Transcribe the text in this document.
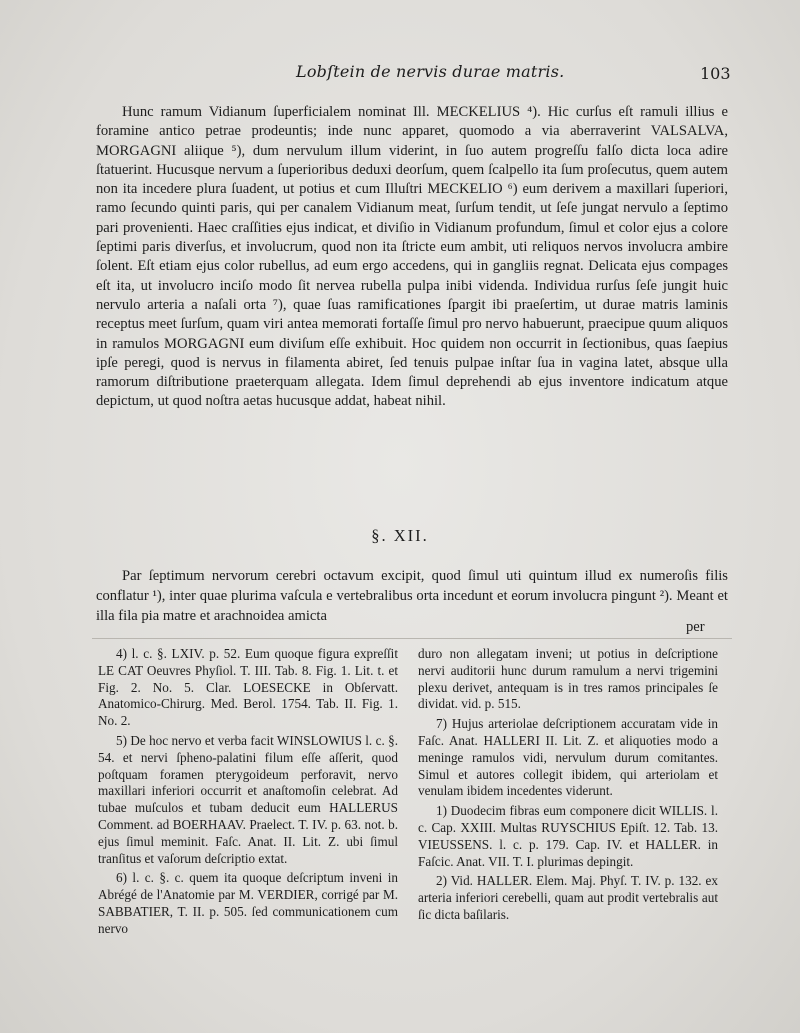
Lobſtein de nervis durae matris.	103

Hunc ramum Vidianum ſuperficialem nominat Ill. MECKELIUS ⁴). Hic curſus eſt ramuli illius e foramine antico petrae prodeuntis; inde nunc apparet, quomodo a via aberraverint VALSALVA, MORGAGNI aliique ⁵), dum nervulum illum viderint, in ſuo autem progreſſu falſo dicta loca adire ſtatuerint. Hucusque nervum a ſuperioribus deduxi deorſum, quem ſcalpello ita ſum proſecutus, quem autem non ita incedere plura ſuadent, ut potius et cum Illuſtri MECKELIO ⁶) eum derivem a maxillari ſuperiori, ramo ſecundo quinti paris, qui per canalem Vidianum meat, ſurſum tendit, ut ſeſe jungat nervulo a ſeptimo pari provenienti. Haec craſſities ejus indicat, et diviſio in Vidianum profundum, ſimul et color ejus a colore ſeptimi paris diverſus, et involucrum, quod non ita ſtricte eum ambit, uti reliquos nervos involucra ambire ſolent. Eſt etiam ejus color rubellus, ad eum ergo accedens, qui in gangliis regnat. Delicata ejus compages eſt ita, ut involucro inciſo modo ſit nervea rubella pulpa inibi videnda. Individua rurſus ſeſe jungit huic nervulo arteria a naſali orta ⁷), quae ſuas ramificationes ſpargit ibi praeſertim, ut durae matris laminis receptus meet ſurſum, quam viri antea memorati fortaſſe ſimul pro nervo habuerunt, praecipue quum aliquos in ramulos MORGAGNI eum diviſum eſſe exhibuit. Hoc quidem non occurrit in ſectionibus, quas ſaepius ipſe peregi, quod is nervus in filamenta abiret, ſed tenuis pulpae inſtar ſua in vagina latet, absque ulla ramorum diſtributione praeterquam allegata. Idem ſimul deprehendi ab ejus inventore indicatum atque depictum, ut quod noſtra aetas hucusque addat, habeat nihil.

§. XII.

Par ſeptimum nervorum cerebri octavum excipit, quod ſimul uti quintum illud ex numeroſis filis conflatur ¹), inter quae plurima vaſcula e vertebralibus orta incedunt et eorum involucra pingunt ²). Meant et illa fila pia matre et arachnoidea amicta

per

4) l. c. §. LXIV. p. 52. Eum quoque figura expreſſit LE CAT Oeuvres Phyſiol. T. III. Tab. 8. Fig. 1. Lit. t. et Fig. 2. No. 5. Clar. LOESECKE in Obſervatt. Anatomico-Chirurg. Med. Berol. 1754. Tab. II. Fig. 1. No. 2.

5) De hoc nervo et verba facit WINSLOWIUS l. c. §. 54. et nervi ſpheno-palatini filum eſſe aſſerit, quod poſtquam foramen pterygoideum perforavit, nervo maxillari inferiori occurrit et anaſtomoſin celebrat. Ad tubae muſculos et tubam deducit eum HALLERUS Comment. ad BOERHAAV. Praelect. T. IV. p. 63. not. b. ejus ſimul meminit. Faſc. Anat. II. Lit. Z. ubi ſimul tranſitus et vaſorum deſcriptio extat.

6) l. c. §. c. quem ita quoque deſcriptum inveni in Abrégé de l'Anatomie par M. VERDIER, corrigé par M. SABBATIER, T. II. p. 505. ſed communicationem cum nervo

duro non allegatam inveni; ut potius in deſcriptione nervi auditorii hunc durum ramulum a nervi trigemini plexu derivet, antequam is in tres ramos principales ſe dividat. vid. p. 515.

7) Hujus arteriolae deſcriptionem accuratam vide in Faſc. Anat. HALLERI II. Lit. Z. et aliquoties modo a meninge ramulos vidi, nervulum durum comitantes. Simul et autores collegit ibidem, qui arteriolam et venulam ibidem incedentes viderunt.

1) Duodecim fibras eum componere dicit WILLIS. l. c. Cap. XXIII. Multas RUYSCHIUS Epiſt. 12. Tab. 13. VIEUSSENS. l. c. p. 179. Cap. IV. et HALLER. in Faſcic. Anat. VII. T. I. plurimas depingit.

2) Vid. HALLER. Elem. Maj. Phyſ. T. IV. p. 132. ex arteria inferiori cerebelli, quam aut prodit vertebralis aut ſic dicta baſilaris.
